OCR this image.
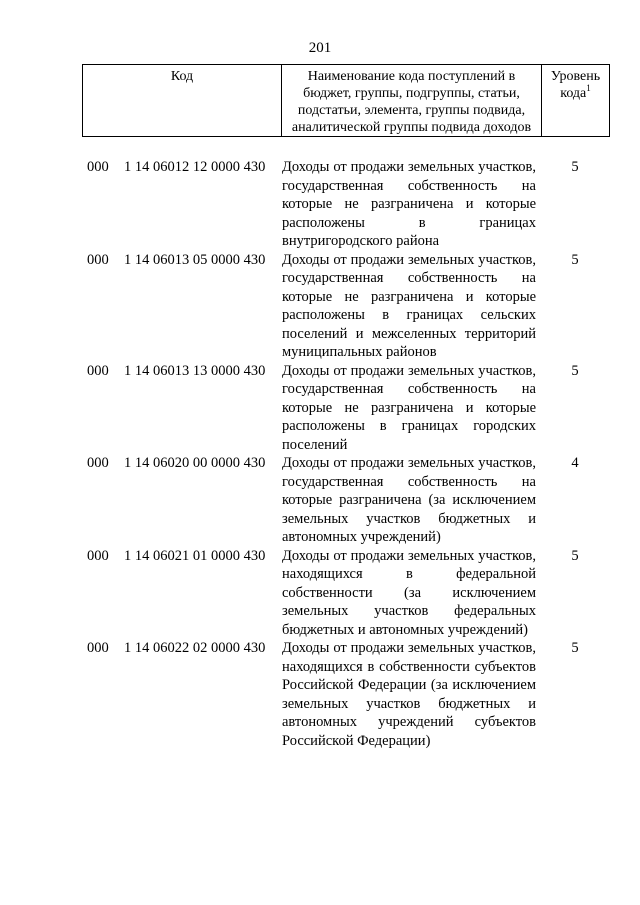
201
Код	Наименование кода поступлений в бюджет, группы, подгруппы, статьи, подстатьи, элемента, группы подвида, аналитической группы подвида доходов
Уровень кода$^1$
000 1 14 06012 12 0000 430 Доходы от продажи земельных участков, государственная собственность на которые не разграничена и которые расположены в границах внутригородского района
5
000 1 14 06013 05 0000 430 Доходы от продажи земельных участков, государственная собственность на которые не разграничена и которые расположены в границах сельских поселений и межселенных территорий муниципальных районов
5
000 1 14 06013 13 0000 430 Доходы от продажи земельных участков, государственная собственность на которые не разграничена и которые расположены в границах городских поселений
5
000 1 14 06020 00 0000 430 Доходы от продажи земельных участков, государственная собственность на которые разграничена (за исключением земельных участков бюджетных и автономных учреждений)
4
000 1 14 06021 01 0000 430 Доходы от продажи земельных участков, находящихся в федеральной собственности (за исключением земельных участков федеральных бюджетных и автономных учреждений)
5
000 1 14 06022 02 0000 430 Доходы от продажи земельных участков, находящихся в собственности субъектов Российской Федерации (за исключением земельных участков бюджетных и автономных учреждений субъектов Российской Федерации)
5
